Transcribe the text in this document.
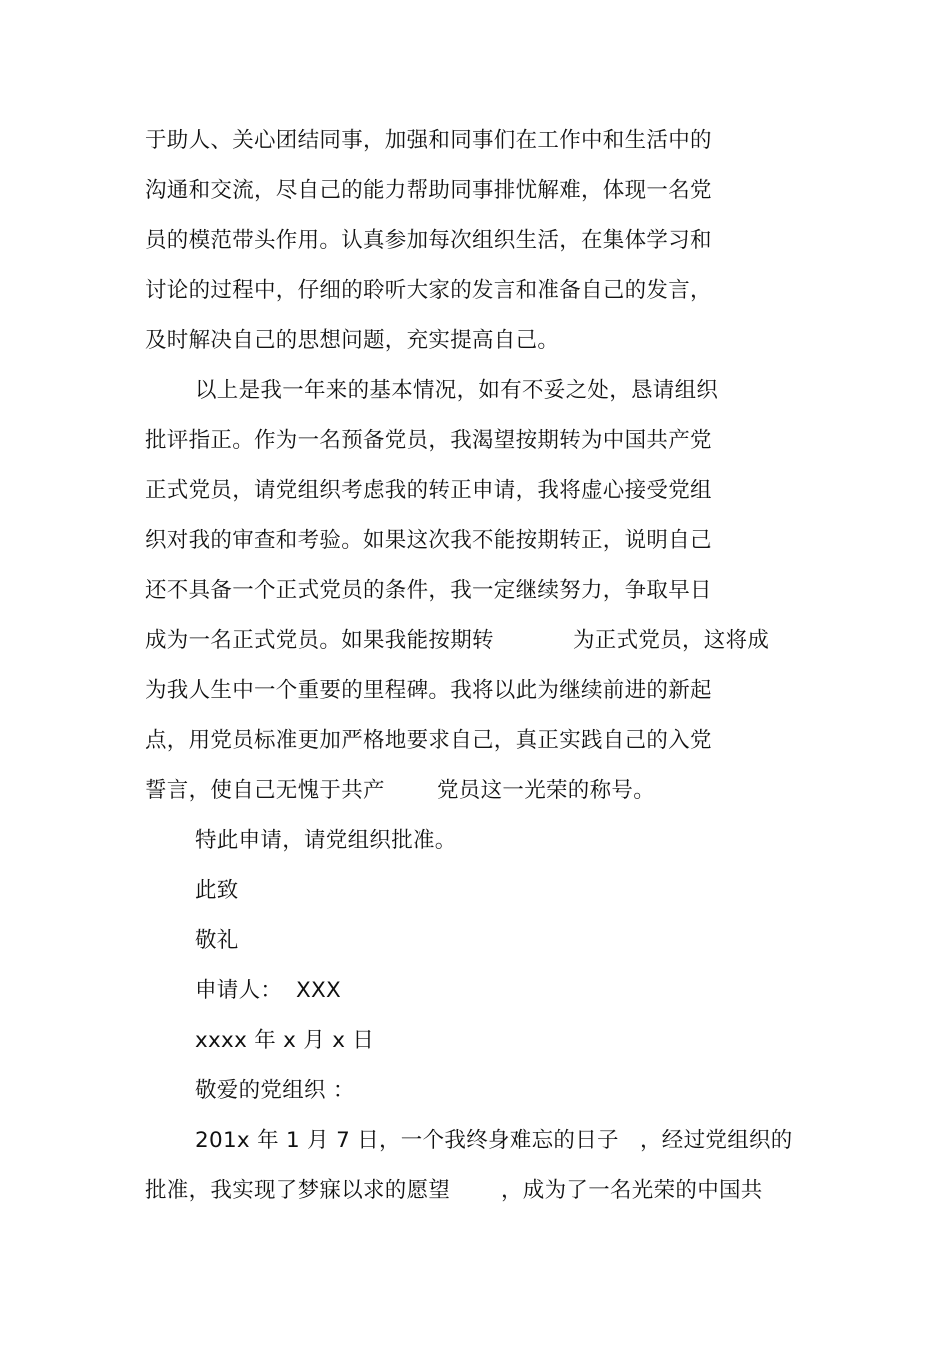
于助人、关心团结同事，加强和同事们在工作中和生活中的
沟通和交流，尽自己的能力帮助同事排忧解难，体现一名党
员的模范带头作用。认真参加每次组织生活，在集体学习和
讨论的过程中，仔细的聆听大家的发言和准备自己的发言，
及时解决自己的思想问题，充实提高自己。
以上是我一年来的基本情况，如有不妥之处，恳请组织
批评指正。作为一名预备党员，我渴望按期转为中国共产党
正式党员，请党组织考虑我的转正申请，我将虚心接受党组
织对我的审查和考验。如果这次我不能按期转正，说明自己
还不具备一个正式党员的条件，我一定继续努力，争取早日
成为一名正式党员。如果我能按期转	为正式党员，这将成
为我人生中一个重要的里程碑。我将以此为继续前进的新起
点，用党员标准更加严格地要求自己，真正实践自己的入党
誓言，使自己无愧于共产 党员这一光荣的称号。
特此申请，请党组织批准。
此致
敬礼
申请人： XXX
xxxx 年 x 月 x 日
敬爱的党组织 ：
201x 年 1 月 7 日，一个我终身难忘的日子 ，经过党组织的
批准，我实现了梦寐以求的愿望 ，成为了一名光荣的中国共
